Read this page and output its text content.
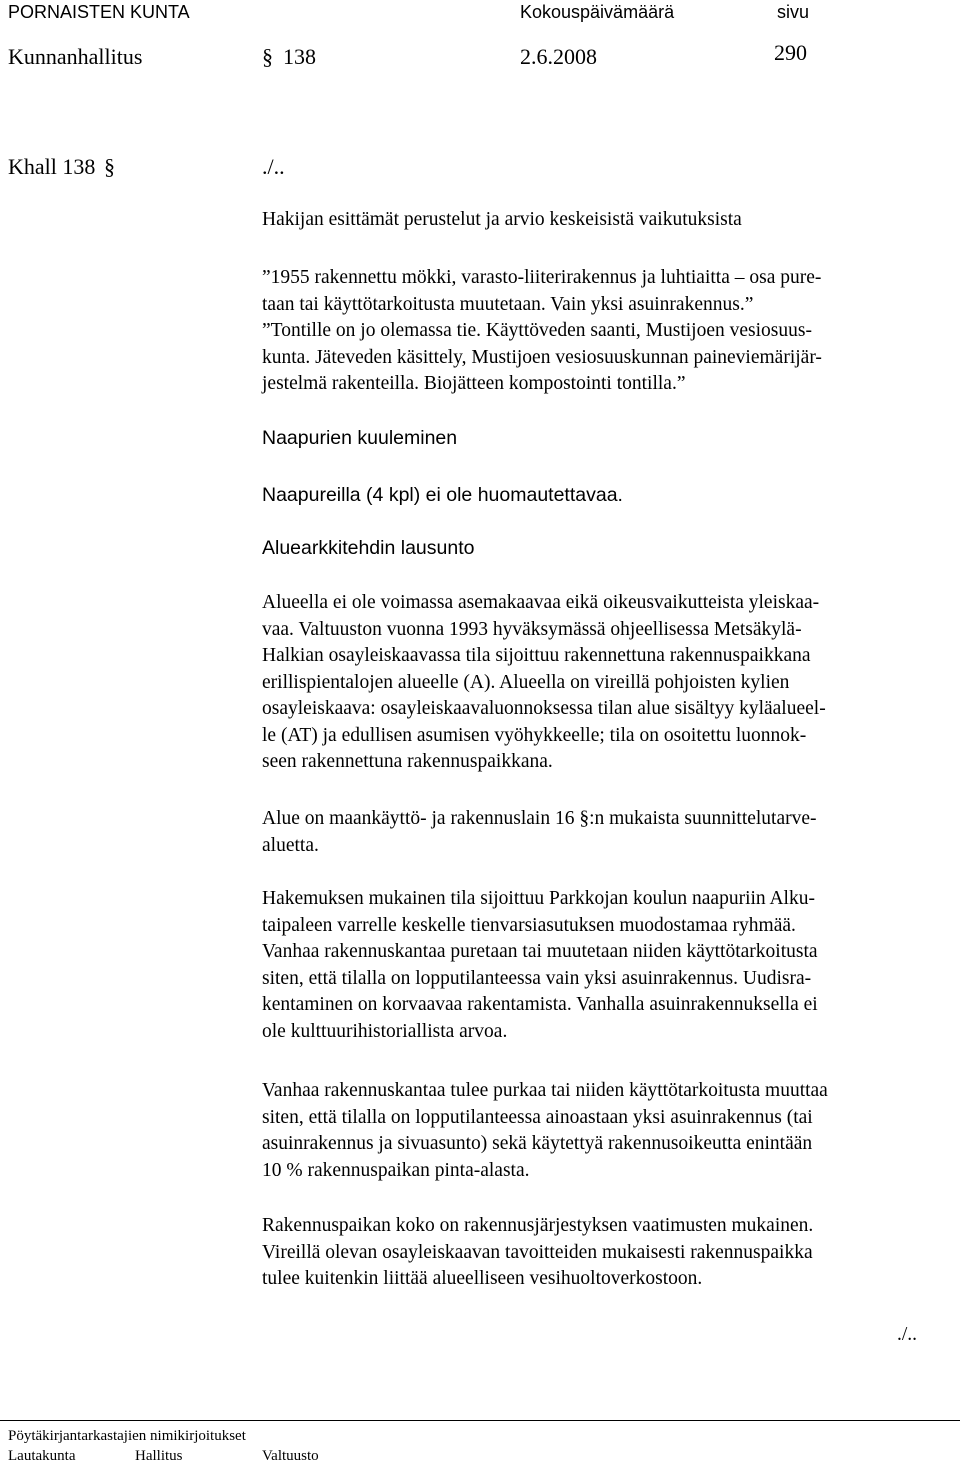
PORNAISTEN KUNTA	Kokouspäivämäärä	sivu
Kunnanhallitus	§ 138	2.6.2008	290
Khall 138 §	./..
Hakijan esittämät perustelut ja arvio keskeisistä vaikutuksista
”1955 rakennettu mökki, varasto-liiterirakennus ja luhtiaitta – osa pure-
taan tai käyttötarkoitusta muutetaan. Vain yksi asuinrakennus.”
”Tontille on jo olemassa tie. Käyttöveden saanti, Mustijoen vesiosuus-
kunta. Jäteveden käsittely, Mustijoen vesiosuuskunnan paineviemärijär-
jestelmä rakenteilla. Biojätteen kompostointi tontilla.”
Naapurien kuuleminen
Naapureilla (4 kpl) ei ole huomautettavaa.
Aluearkkitehdin lausunto
Alueella ei ole voimassa asemakaavaa eikä oikeusvaikutteista yleiskaa-
vaa. Valtuuston vuonna 1993 hyväksymässä ohjeellisessa Metsäkylä-
Halkian osayleiskaavassa tila sijoittuu rakennettuna rakennuspaikkana
erillispientalojen alueelle (A). Alueella on vireillä pohjoisten kylien
osayleiskaava: osayleiskaavaluonnoksessa tilan alue sisältyy kyläalueel-
le (AT) ja edullisen asumisen vyöhykkeelle; tila on osoitettu luonnok-
seen rakennettuna rakennuspaikkana.
Alue on maankäyttö- ja rakennuslain 16 §:n mukaista suunnittelutarve-
aluetta.
Hakemuksen mukainen tila sijoittuu Parkkojan koulun naapuriin Alku-
taipaleen varrelle keskelle tienvarsiasutuksen muodostamaa ryhmää.
Vanhaa rakennuskantaa puretaan tai muutetaan niiden käyttötarkoitusta
siten, että tilalla on lopputilanteessa vain yksi asuinrakennus. Uudisra-
kentaminen on korvaavaa rakentamista. Vanhalla asuinrakennuksella ei
ole kulttuurihistoriallista arvoa.
Vanhaa rakennuskantaa tulee purkaa tai niiden käyttötarkoitusta muuttaa
siten, että tilalla on lopputilanteessa ainoastaan yksi asuinrakennus (tai
asuinrakennus ja sivuasunto) sekä käytettyä rakennusoikeutta enintään
10 % rakennuspaikan pinta-alasta.
Rakennuspaikan koko on rakennusjärjestyksen vaatimusten mukainen.
Vireillä olevan osayleiskaavan tavoitteiden mukaisesti rakennuspaikka
tulee kuitenkin liittää alueelliseen vesihuoltoverkostoon.
./..
Pöytäkirjantarkastajien nimikirjoitukset
Lautakunta	Hallitus	Valtuusto
